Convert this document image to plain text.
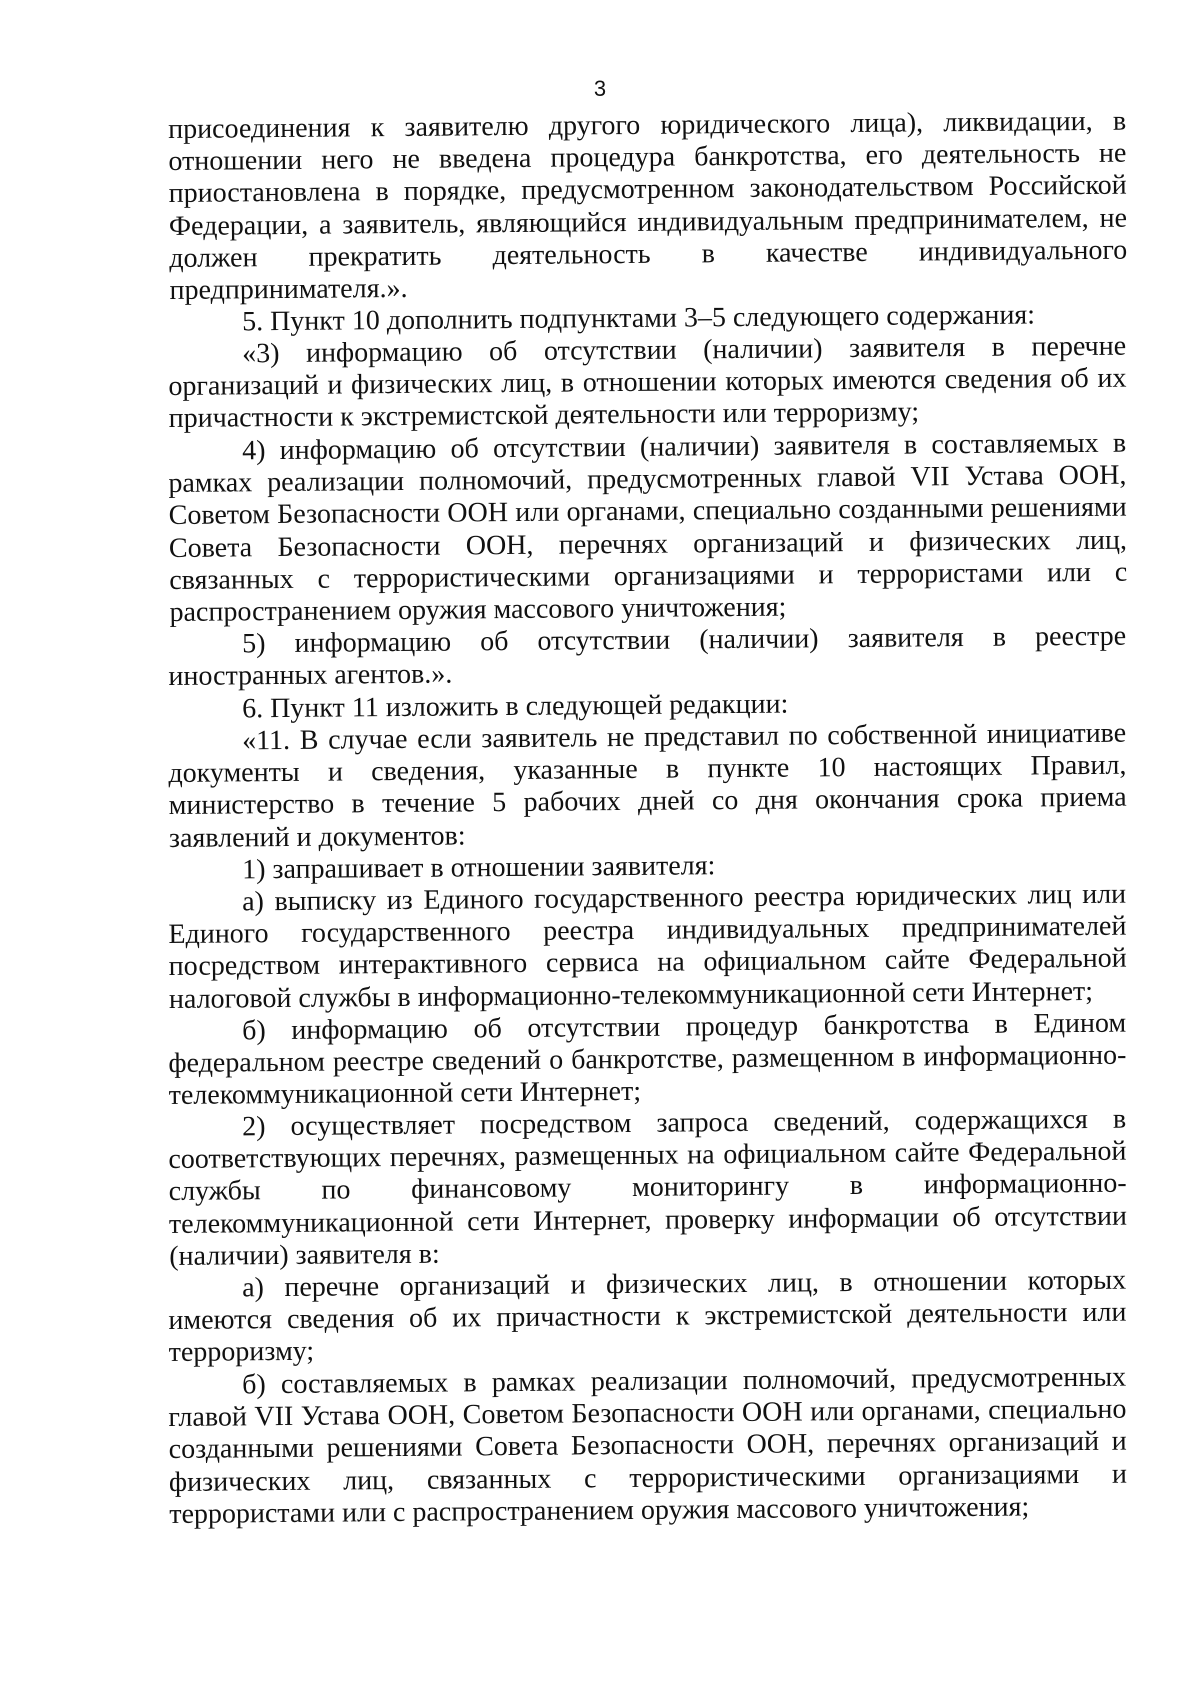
3

присоединения к заявителю другого юридического лица), ликвидации, в отношении него не введена процедура банкротства, его деятельность не приостановлена в порядке, предусмотренном законодательством Российской Федерации, а заявитель, являющийся индивидуальным предпринимателем, не должен прекратить деятельность в качестве индивидуального предпринимателя.».

5. Пункт 10 дополнить подпунктами 3–5 следующего содержания:

«3) информацию об отсутствии (наличии) заявителя в перечне организаций и физических лиц, в отношении которых имеются сведения об их причастности к экстремистской деятельности или терроризму;

4) информацию об отсутствии (наличии) заявителя в составляемых в рамках реализации полномочий, предусмотренных главой VII Устава ООН, Советом Безопасности ООН или органами, специально созданными решениями Совета Безопасности ООН, перечнях организаций и физических лиц, связанных с террористическими организациями и террористами или с распространением оружия массового уничтожения;

5) информацию об отсутствии (наличии) заявителя в реестре иностранных агентов.».

6. Пункт 11 изложить в следующей редакции:

«11. В случае если заявитель не представил по собственной инициативе документы и сведения, указанные в пункте 10 настоящих Правил, министерство в течение 5 рабочих дней со дня окончания срока приема заявлений и документов:

1) запрашивает в отношении заявителя:

а) выписку из Единого государственного реестра юридических лиц или Единого государственного реестра индивидуальных предпринимателей посредством интерактивного сервиса на официальном сайте Федеральной налоговой службы в информационно-телекоммуникационной сети Интернет;

б) информацию об отсутствии процедур банкротства в Едином федеральном реестре сведений о банкротстве, размещенном в информационно-телекоммуникационной сети Интернет;

2) осуществляет посредством запроса сведений, содержащихся в соответствующих перечнях, размещенных на официальном сайте Федеральной службы по финансовому мониторингу в информационно-телекоммуникационной сети Интернет, проверку информации об отсутствии (наличии) заявителя в:

а) перечне организаций и физических лиц, в отношении которых имеются сведения об их причастности к экстремистской деятельности или терроризму;

б) составляемых в рамках реализации полномочий, предусмотренных главой VII Устава ООН, Советом Безопасности ООН или органами, специально созданными решениями Совета Безопасности ООН, перечнях организаций и физических лиц, связанных с террористическими организациями и террористами или с распространением оружия массового уничтожения;
